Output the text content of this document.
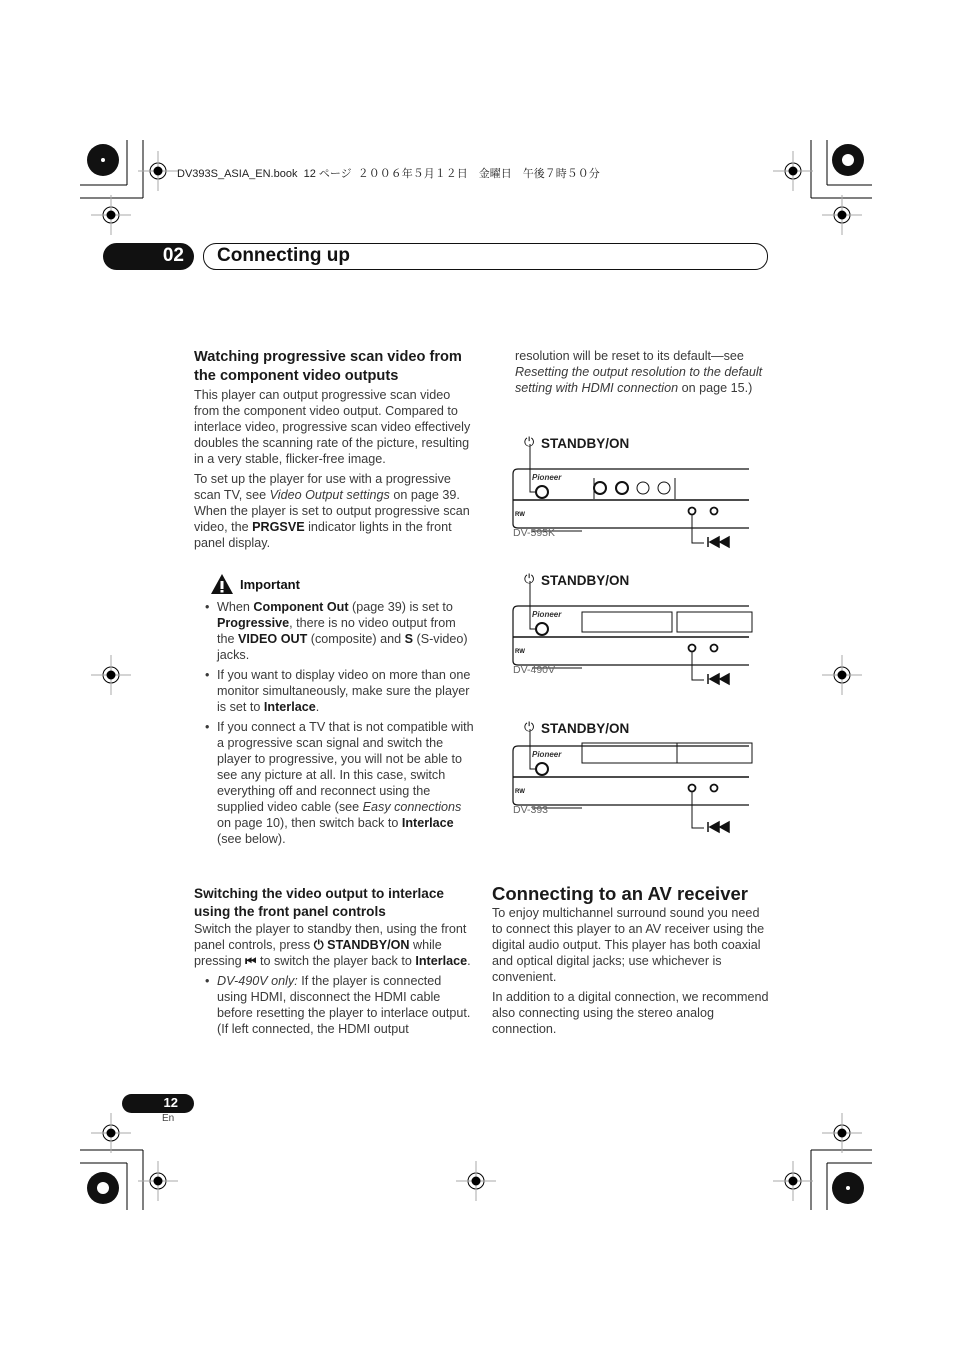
DV393S_ASIA_EN.book  12 ページ  ２００６年５月１２日　金曜日　午後７時５０分
02 Connecting up
Watching progressive scan video from the component video outputs
This player can output progressive scan video from the component video output. Compared to interlace video, progressive scan video effectively doubles the scanning rate of the picture, resulting in a very stable, flicker-free image.
To set up the player for use with a progressive scan TV, see Video Output settings on page 39. When the player is set to output progressive scan video, the PRGSVE indicator lights in the front panel display.
Important
• When Component Out (page 39) is set to Progressive, there is no video output from the VIDEO OUT (composite) and S (S-video) jacks.
• If you want to display video on more than one monitor simultaneously, make sure the player is set to Interlace.
• If you connect a TV that is not compatible with a progressive scan signal and switch the player to progressive, you will not be able to see any picture at all. In this case, switch everything off and reconnect using the supplied video cable (see Easy connections on page 10), then switch back to Interlace (see below).
Switching the video output to interlace using the front panel controls
Switch the player to standby then, using the front panel controls, press ⏻ STANDBY/ON while pressing ⏮ to switch the player back to Interlace.
• DV-490V only: If the player is connected using HDMI, disconnect the HDMI cable before resetting the player to interlace output. (If left connected, the HDMI output
resolution will be reset to its default—see Resetting the output resolution to the default setting with HDMI connection on page 15.)
Pioneer
RW
⏻ STANDBY/ON
DV-595K
Pioneer
RW
⏻ STANDBY/ON
DV-490V
Pioneer
RW
⏻ STANDBY/ON
DV-393
Connecting to an AV receiver
To enjoy multichannel surround sound you need to connect this player to an AV receiver using the digital audio output. This player has both coaxial and optical digital jacks; use whichever is convenient.
In addition to a digital connection, we recommend also connecting using the stereo analog connection.
12
En
